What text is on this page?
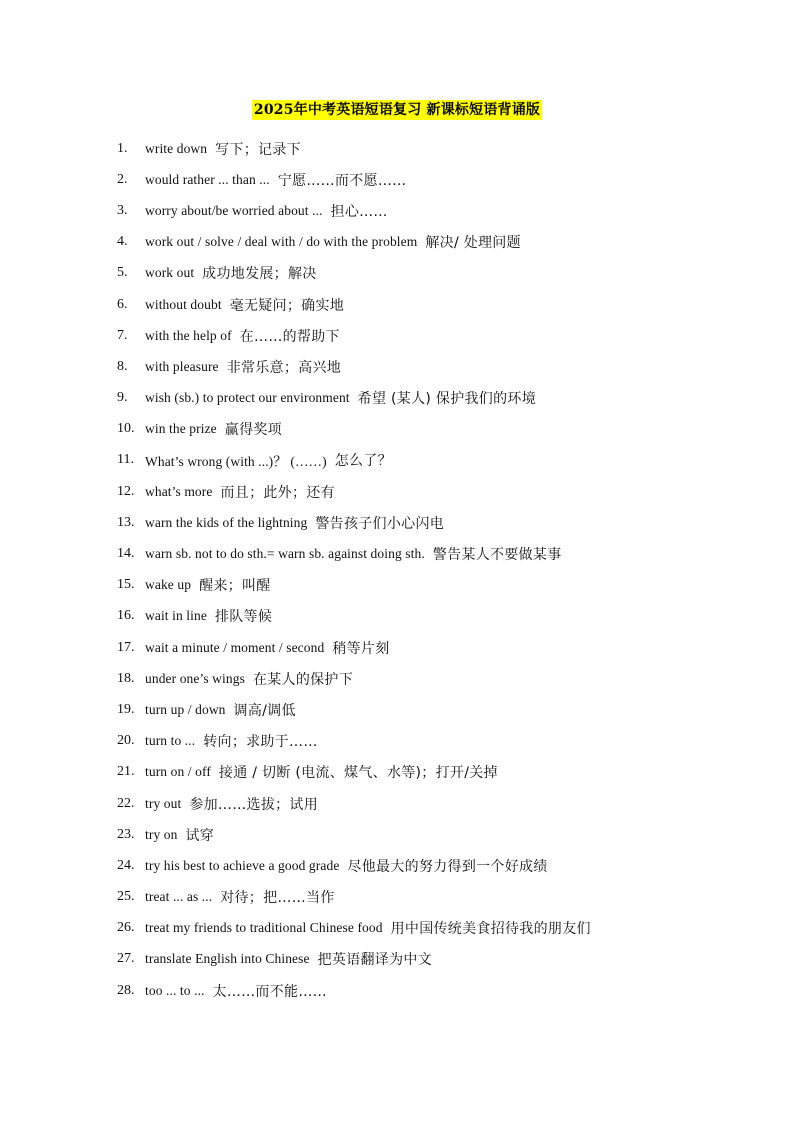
2025年中考英语短语复习 新课标短语背诵版
1.	write down 写下；记录下
2.	would rather ... than ... 宁愿……而不愿……
3.	worry about/be worried about ... 担心……
4.	work out / solve / deal with / do with the problem 解决/ 处理问题
5.	work out 成功地发展；解决
6.	without doubt 毫无疑问；确实地
7.	with the help of 在……的帮助下
8.	with pleasure 非常乐意；高兴地
9.	wish (sb.) to protect our environment 希望 (某人) 保护我们的环境
10. win the prize 赢得奖项
11. What’s wrong (with ...)？ (……) 怎么了？
12. what’s more 而且；此外；还有
13. warn the kids of the lightning 警告孩子们小心闪电
14. warn sb. not to do sth.= warn sb. against doing sth. 警告某人不要做某事
15. wake up 醒来；叫醒
16. wait in line 排队等候
17. wait a minute / moment / second 稍等片刻
18. under one’s wings 在某人的保护下
19. turn up / down 调高/调低
20. turn to ... 转向；求助于……
21. turn on / off 接通 / 切断 (电流、煤气、水等)；打开/关掉
22. try out 参加……选拔；试用
23. try on 试穿
24. try his best to achieve a good grade 尽他最大的努力得到一个好成绩
25. treat ... as ... 对待；把……当作
26. treat my friends to traditional Chinese food 用中国传统美食招待我的朋友们
27. translate English into Chinese 把英语翻译为中文
28. too ... to ... 太……而不能……
